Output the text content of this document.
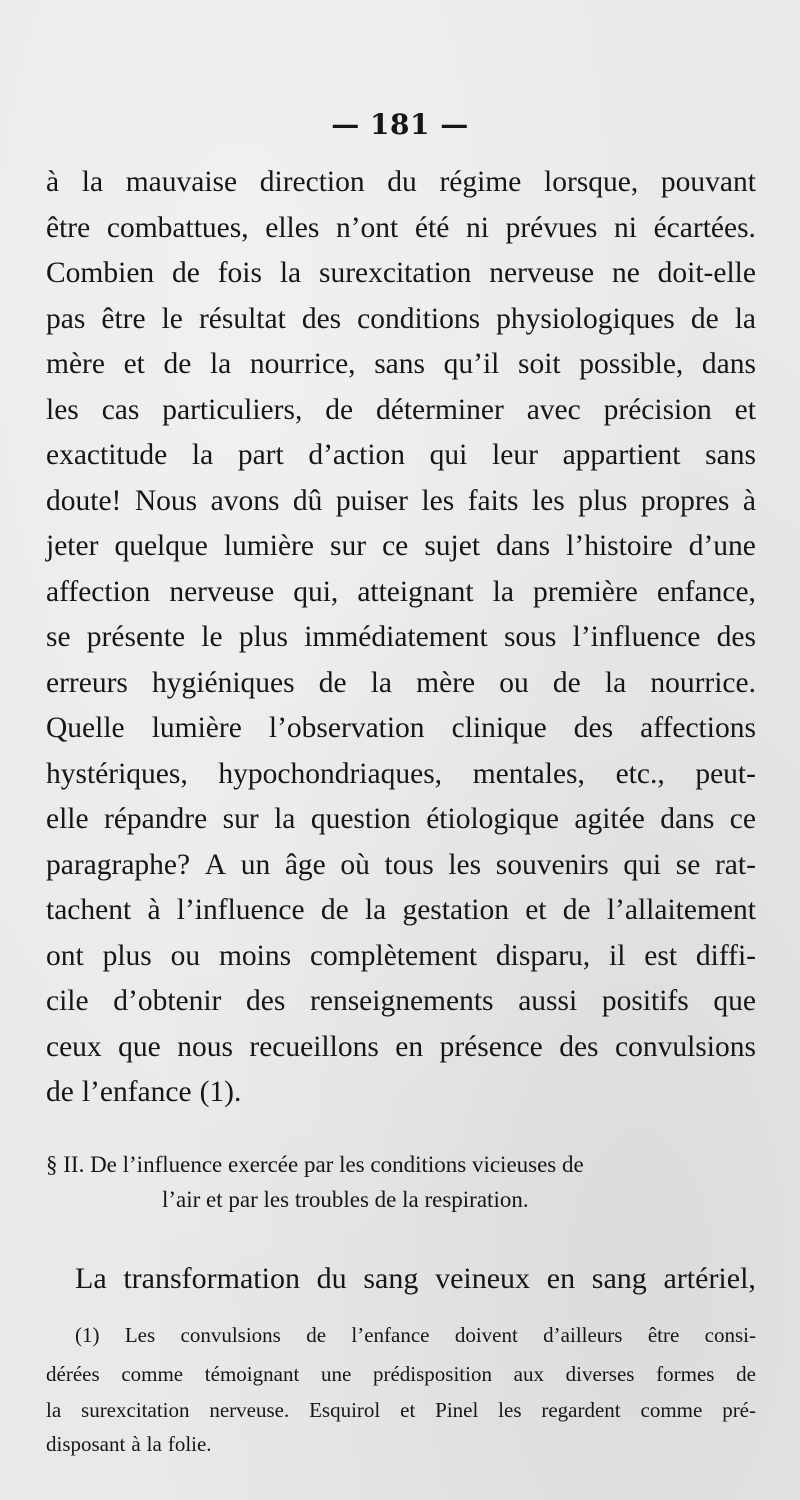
— 181 —
à la mauvaise direction du régime lorsque, pouvant
être combattues, elles n’ont été ni prévues ni écartées.
Combien de fois la surexcitation nerveuse ne doit-elle
pas être le résultat des conditions physiologiques de la
mère et de la nourrice, sans qu’il soit possible, dans
les cas particuliers, de déterminer avec précision et
exactitude la part d’action qui leur appartient sans
doute! Nous avons dû puiser les faits les plus propres à
jeter quelque lumière sur ce sujet dans l’histoire d’une
affection nerveuse qui, atteignant la première enfance,
se présente le plus immédiatement sous l’influence des
erreurs hygiéniques de la mère ou de la nourrice.
Quelle lumière l’observation clinique des affections
hystériques, hypochondriaques, mentales, etc., peut-
elle répandre sur la question étiologique agitée dans ce
paragraphe? A un âge où tous les souvenirs qui se rat-
tachent à l’influence de la gestation et de l’allaitement
ont plus ou moins complètement disparu, il est diffi-
cile d’obtenir des renseignements aussi positifs que
ceux que nous recueillons en présence des convulsions
de l’enfance (1).
§ II. De l’influence exercée par les conditions vicieuses de
l’air et par les troubles de la respiration.
La transformation du sang veineux en sang artériel,
(1) Les convulsions de l’enfance doivent d’ailleurs être consi-
dérées comme témoignant une prédisposition aux diverses formes de
la surexcitation nerveuse. Esquirol et Pinel les regardent comme pré-
disposant à la folie.
